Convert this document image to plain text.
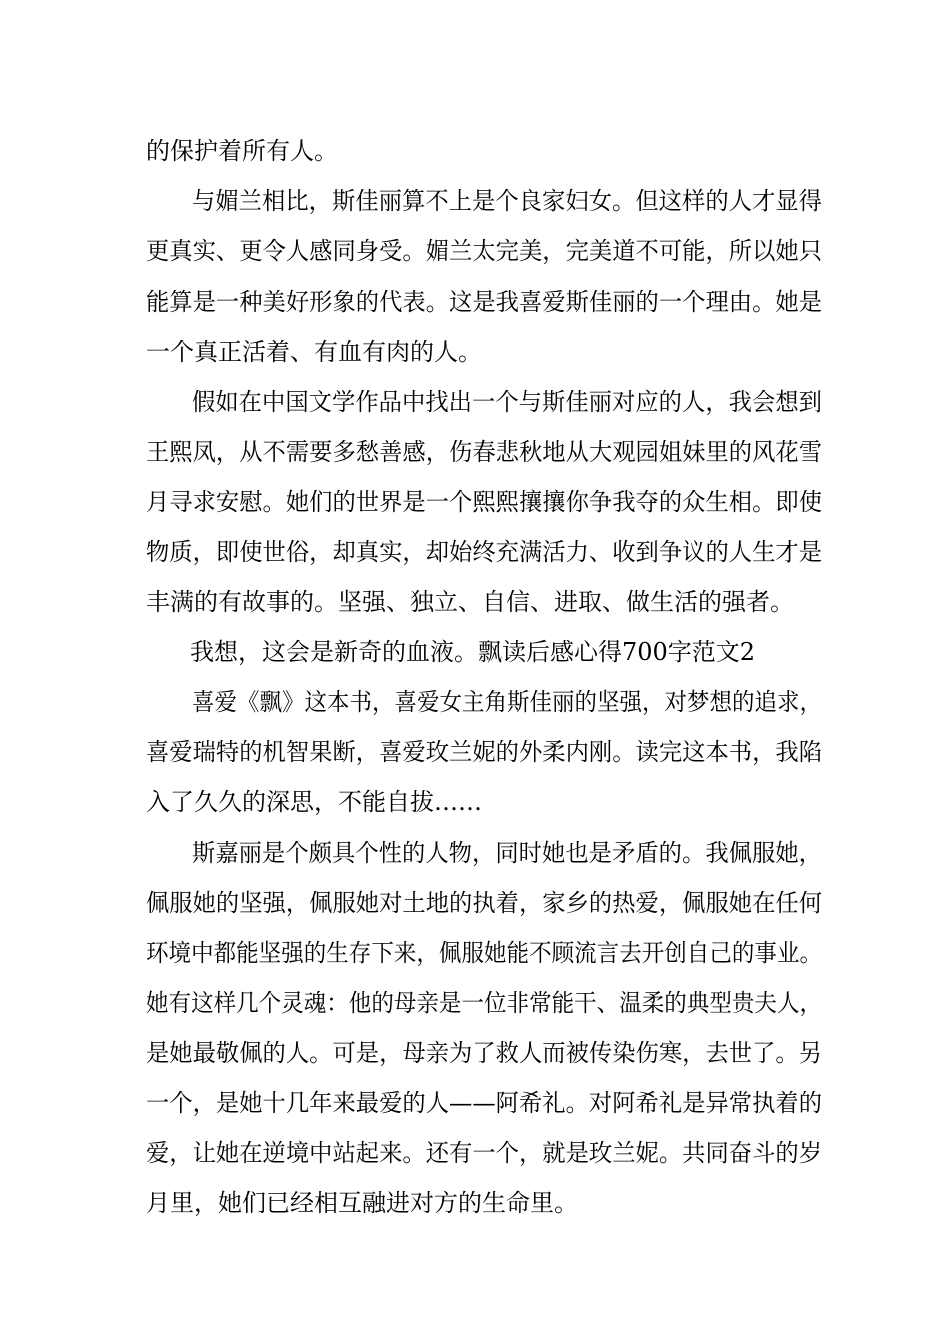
的保护着所有人。
与媚兰相比，斯佳丽算不上是个良家妇女。但这样的人才显得
更真实、更令人感同身受。媚兰太完美，完美道不可能，所以她只
能算是一种美好形象的代表。这是我喜爱斯佳丽的一个理由。她是
一个真正活着、有血有肉的人。
假如在中国文学作品中找出一个与斯佳丽对应的人，我会想到
王熙凤，从不需要多愁善感，伤春悲秋地从大观园姐妹里的风花雪
月寻求安慰。她们的世界是一个熙熙攘攘你争我夺的众生相。即使
物质，即使世俗，却真实，却始终充满活力、收到争议的人生才是
丰满的有故事的。坚强、独立、自信、进取、做生活的强者。
我想，这会是新奇的血液。飘读后感心得700字范文2
喜爱《飘》这本书，喜爱女主角斯佳丽的坚强，对梦想的追求，
喜爱瑞特的机智果断，喜爱玫兰妮的外柔内刚。读完这本书，我陷
入了久久的深思，不能自拔……
斯嘉丽是个颇具个性的人物，同时她也是矛盾的。我佩服她，
佩服她的坚强，佩服她对土地的执着，家乡的热爱，佩服她在任何
环境中都能坚强的生存下来，佩服她能不顾流言去开创自己的事业。
她有这样几个灵魂：他的母亲是一位非常能干、温柔的典型贵夫人，
是她最敬佩的人。可是，母亲为了救人而被传染伤寒，去世了。另
一个，是她十几年来最爱的人——阿希礼。对阿希礼是异常执着的
爱，让她在逆境中站起来。还有一个，就是玫兰妮。共同奋斗的岁
月里，她们已经相互融进对方的生命里。
